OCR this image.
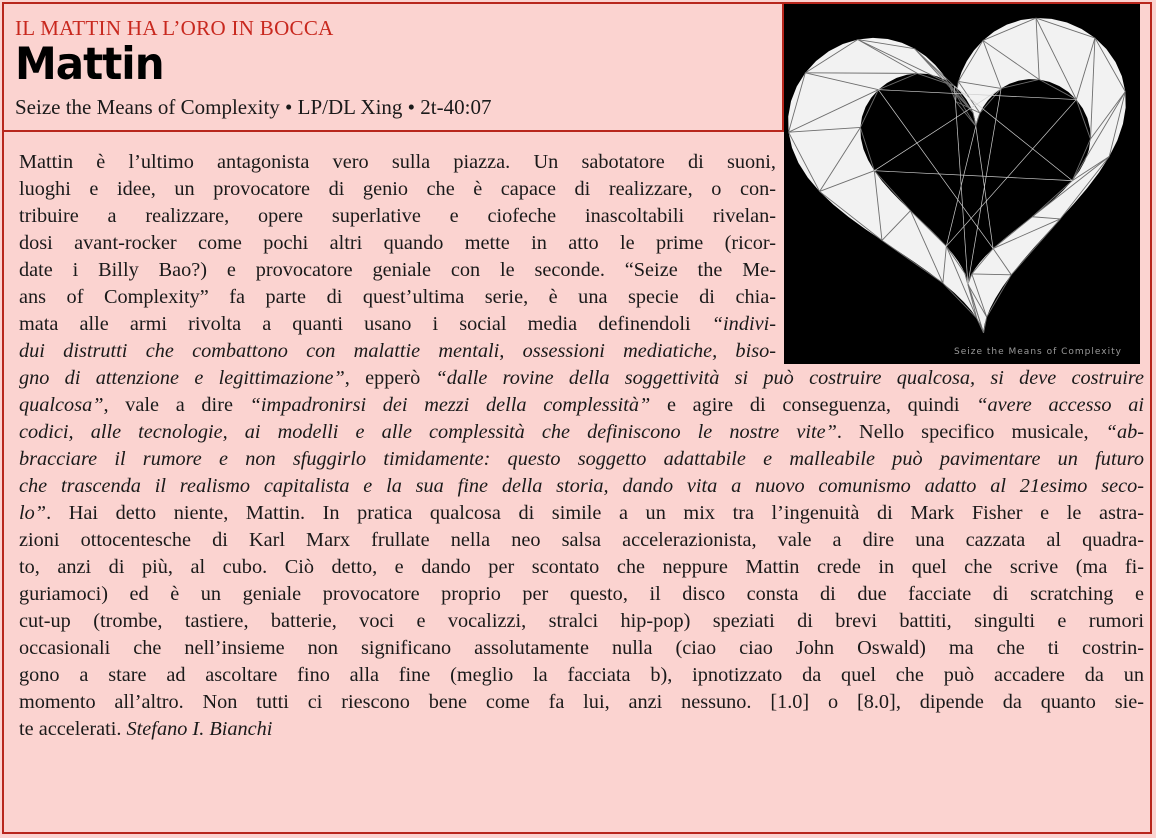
IL MATTIN HA L’ORO IN BOCCA
Mattin
Seize the Means of Complexity • LP/DL Xing • 2t-40:07
Mattin è l’ultimo antagonista vero sulla piazza. Un sabotatore di suoni,
luoghi e idee, un provocatore di genio che è capace di realizzare, o con-
tribuire a realizzare, opere superlative e ciofeche inascoltabili rivelan-
dosi avant-rocker come pochi altri quando mette in atto le prime (ricor-
date i Billy Bao?) e provocatore geniale con le seconde. “Seize the Me-
ans of Complexity” fa parte di quest’ultima serie, è una specie di chia-
mata alle armi rivolta a quanti usano i social media definendoli “indivi-
dui distrutti che combattono con malattie mentali, ossessioni mediatiche, biso-
gno di attenzione e legittimazione”, epperò “dalle rovine della soggettività si può costruire qualcosa, si deve costruire
qualcosa”, vale a dire “impadronirsi dei mezzi della complessità” e agire di conseguenza, quindi “avere accesso ai
codici, alle tecnologie, ai modelli e alle complessità che definiscono le nostre vite”. Nello specifico musicale, “ab-
bracciare il rumore e non sfuggirlo timidamente: questo soggetto adattabile e malleabile può pavimentare un futuro
che trascenda il realismo capitalista e la sua fine della storia, dando vita a nuovo comunismo adatto al 21esimo seco-
lo”. Hai detto niente, Mattin. In pratica qualcosa di simile a un mix tra l’ingenuità di Mark Fisher e le astra-
zioni ottocentesche di Karl Marx frullate nella neo salsa accelerazionista, vale a dire una cazzata al quadra-
to, anzi di più, al cubo. Ciò detto, e dando per scontato che neppure Mattin crede in quel che scrive (ma fi-
guriamoci) ed è un geniale provocatore proprio per questo, il disco consta di due facciate di scratching e
cut-up (trombe, tastiere, batterie, voci e vocalizzi, stralci hip-pop) speziati di brevi battiti, singulti e rumori
occasionali che nell’insieme non significano assolutamente nulla (ciao ciao John Oswald) ma che ti costrin-
gono a stare ad ascoltare fino alla fine (meglio la facciata b), ipnotizzato da quel che può accadere da un
momento all’altro. Non tutti ci riescono bene come fa lui, anzi nessuno. [1.0] o [8.0], dipende da quanto sie-
te accelerati. Stefano I. Bianchi
Seize the Means of Complexity
